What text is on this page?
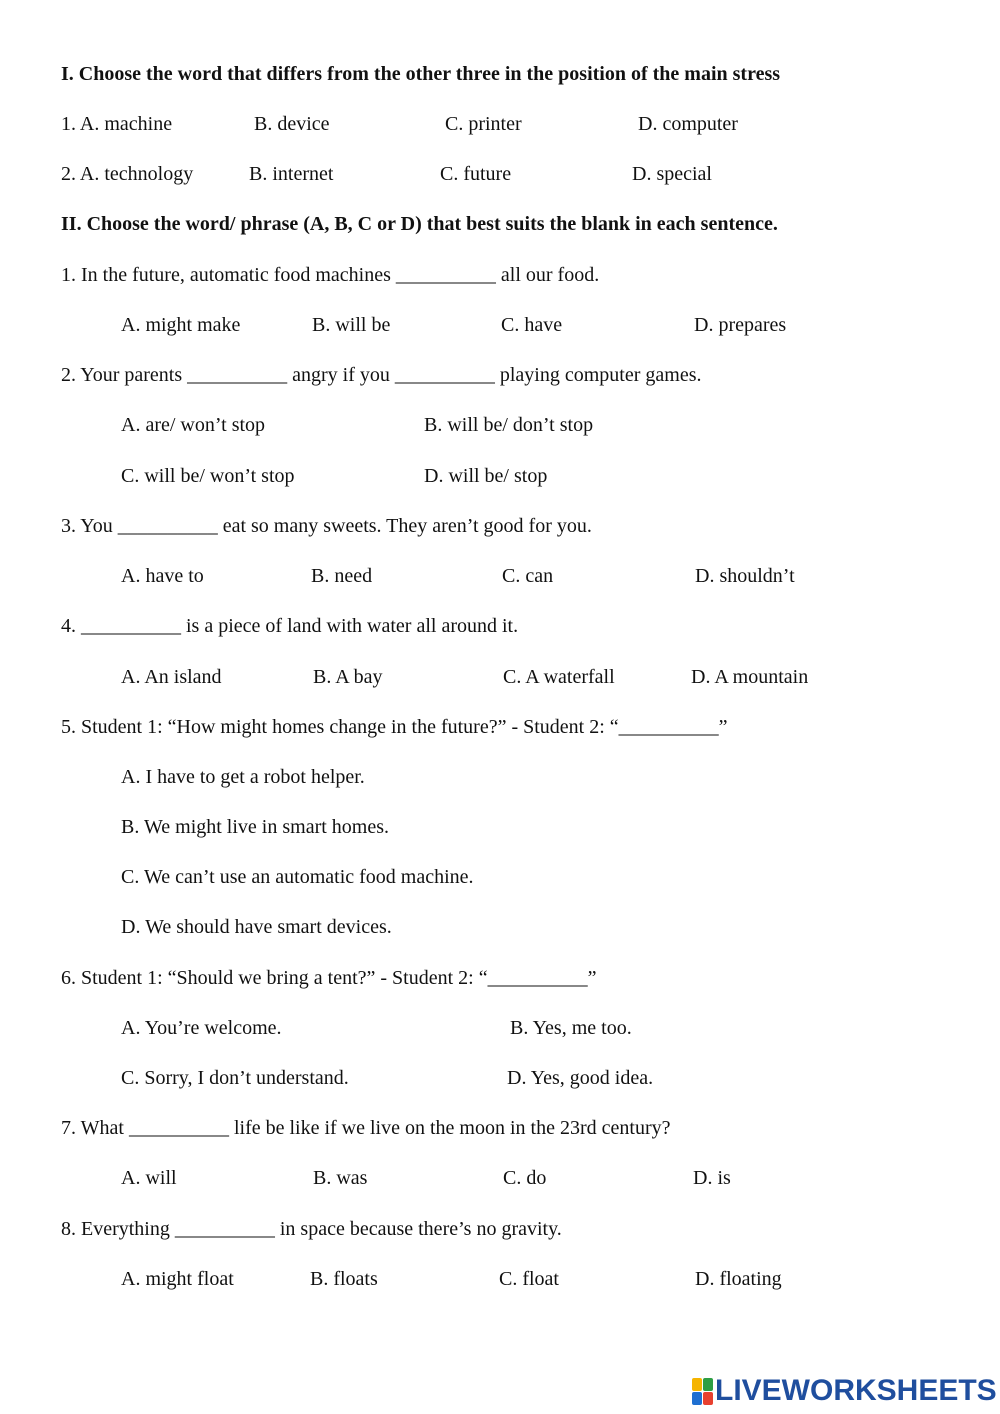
I. Choose the word that differs from the other three in the position of the main stress
1. A. machine	B. device	C. printer	D. computer
2. A. technology	B. internet	C. future	D. special
II. Choose the word/ phrase (A, B, C or D) that best suits the blank in each sentence.
1. In the future, automatic food machines __________ all our food.
A. might make	B. will be	C. have	D. prepares
2. Your parents __________ angry if you __________ playing computer games.
A. are/ won’t stop	B. will be/ don’t stop
C. will be/ won’t stop	D. will be/ stop
3. You __________ eat so many sweets. They aren’t good for you.
A. have to	B. need	C. can	D. shouldn’t
4. __________ is a piece of land with water all around it.
A. An island	B. A bay	C. A waterfall	D. A mountain
5. Student 1: “How might homes change in the future?” - Student 2: “__________”
A. I have to get a robot helper.
B. We might live in smart homes.
C. We can’t use an automatic food machine.
D. We should have smart devices.
6. Student 1: “Should we bring a tent?” - Student 2: “__________”
A. You’re welcome.	B. Yes, me too.
C. Sorry, I don’t understand.	D. Yes, good idea.
7. What __________ life be like if we live on the moon in the 23rd century?
A. will	B. was	C. do	D. is
8. Everything __________ in space because there’s no gravity.
A. might float	B. floats	C. float	D. floating
LIVEWORKSHEETS
